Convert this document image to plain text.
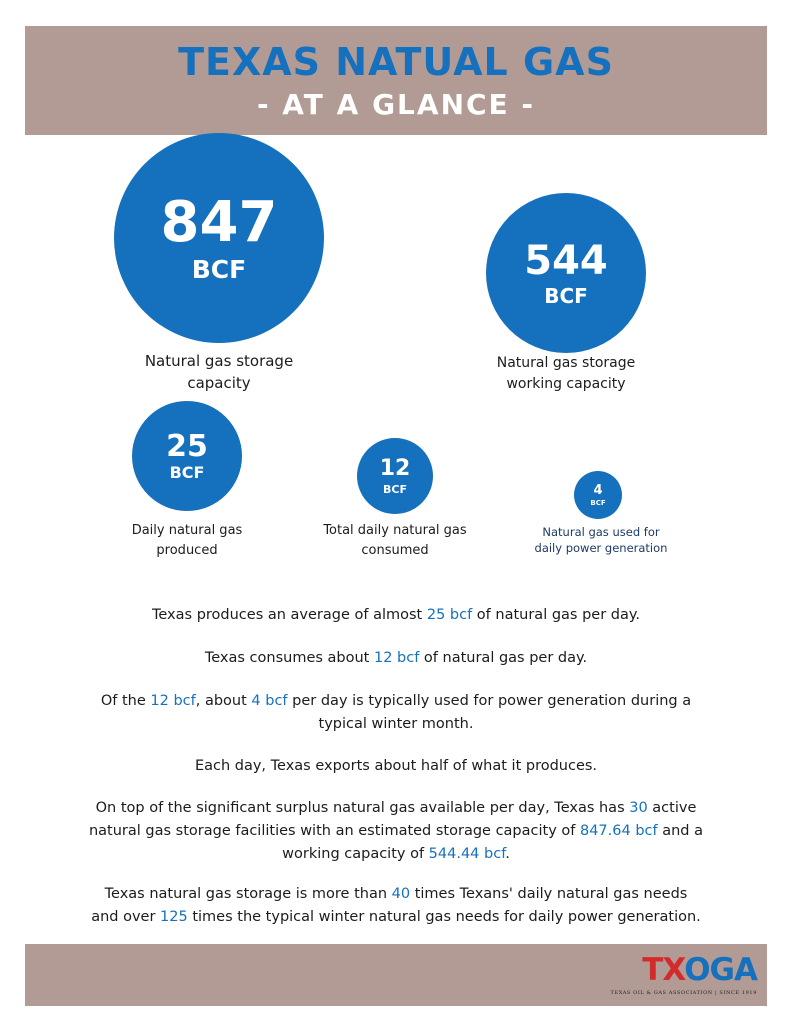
TEXAS NATUAL GAS
- AT A GLANCE -
847
BCF
Natural gas storage
capacity
544
BCF
Natural gas storage
working capacity
25
BCF
Daily natural gas
produced
12
BCF
Total daily natural gas
consumed
4
BCF
Natural gas used for
daily power generation
Texas produces an average of almost 25 bcf of natural gas per day.
Texas consumes about 12 bcf of natural gas per day.
Of the 12 bcf, about 4 bcf per day is typically used for power generation during a
typical winter month.
Each day, Texas exports about half of what it produces.
On top of the significant surplus natural gas available per day, Texas has 30 active
natural gas storage facilities with an estimated storage capacity of 847.64 bcf and a
working capacity of 544.44 bcf.
Texas natural gas storage is more than 40 times Texans' daily natural gas needs
and over 125 times the typical winter natural gas needs for daily power generation.
TXOGA
TEXAS OIL & GAS ASSOCIATION | SINCE 1919
